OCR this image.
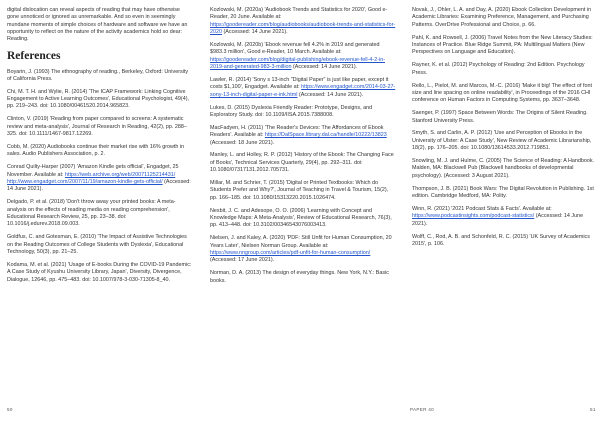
digital dislocation can reveal aspects of reading that may have otherwise gone unnoticed or ignored as unremarkable. And so even in seemingly mundane moments of simple choices of hardware and software we have an opportunity to reflect on the nature of the activity academics hold so dear: Reading.

References

Boyarin, J. (1993) The ethnography of reading., Berkeley, Oxford: University of California Press.

Chi, M. T. H. and Wylie, R. (2014) 'The ICAP Framework: Linking Cognitive Engagement to Active Learning Outcomes', Educational Psychologist, 49(4), pp. 219–243. doi: 10.1080/00461520.2014.965823.

Clinton, V. (2019) 'Reading from paper compared to screens: A systematic review and meta-analysis', Journal of Research in Reading, 42(2), pp. 288–325. doi: 10.1111/1467-9817.12269.

Cobb, M. (2020) Audiobooks continue their market rise with 16% growth in sales. Audio Publishers Association, p. 2.

Conrad Quilty-Harper (2007) 'Amazon Kindle gets official', Engadget, 25 November. Available at: https://web.archive.org/web/20071125214431/ http://www.engadget.com/2007/11/19/amazon-kindle-gets-official/ (Accessed: 14 June 2021).

Delgado, P. et al. (2018) 'Don't throw away your printed books: A meta-analysis on the effects of reading media on reading comprehension', Educational Research Review, 25, pp. 23–38. doi: 10.1016/j.edurev.2018.09.003.

Goldfus, C. and Gotesman, E. (2010) 'The Impact of Assistive Technologies on the Reading Outcomes of College Students with Dyslexia', Educational Technology, 50(3), pp. 21–25.

Kodama, M. et al. (2021) 'Usage of E-books During the COVID-19 Pandemic: A Case Study of Kyushu University Library, Japan', Diversity, Divergence, Dialogue, 12646, pp. 475–483. doi: 10.1007/978-3-030-71305-8_40.

Kozlowski, M. (2020a) 'Audiobook Trends and Statistics for 2020', Good e-Reader, 20 June. Available at: https://goodereader.com/blog/audiobooks/audiobook-trends-and-statistics-for-2020 (Accessed: 14 June 2021).

Kozlowski, M. (2020b) 'Ebook revenue fell 4.2% in 2019 and generated $983.3 million', Good e-Reader, 10 March. Available at: https://goodereader.com/blog/digital-publishing/ebook-revenue-fell-4-2-in-2019-and-generated-983-3-million (Accessed: 14 June 2021).

Lawler, R. (2014) 'Sony s 13-inch "Digital Paper" is just like paper, except it costs $1,100', Engadget. Available at: https://www.engadget.com/2014-03-27-sony-13-inch-digital-paper-e-ink.html (Accessed: 14 June 2021).

Lukes, D. (2015) Dyslexia Friendly Reader: Prototype, Designs, and Exploratory Study. doi: 10.1109/IISA.2015.7388008.

MacFadyen, H. (2011) 'The Reader's Devices: The Affordances of Ebook Readers'. Available at: https://DalSpace.library.dal.ca/handle/10222/13823 (Accessed: 18 June 2021).

Manley, L. and Holley, R. P. (2012) 'History of the Ebook: The Changing Face of Books', Technical Services Quarterly, 29(4), pp. 292–311. doi: 10.1080/07317131.2012.705731.

Millar, M. and Schrier, T. (2015) 'Digital or Printed Textbooks: Which do Students Prefer and Why?', Journal of Teaching in Travel & Tourism, 15(2), pp. 166–185. doi: 10.1080/15313220.2015.1026474.

Nesbit, J. C. and Adesope, O. O. (2006) 'Learning with Concept and Knowledge Maps: A Meta-Analysis', Review of Educational Research, 76(3), pp. 413–448. doi: 10.3102/00346543076003413.

Nielsen, J. and Kaley, A. (2020) 'PDF: Still Unfit for Human Consumption, 20 Years Later', Nielsen Norman Group. Available at: https://www.nngroup.com/articles/pdf-unfit-for-human-consumption/ (Accessed: 17 June 2021).

Norman, D. A. (2013) The design of everyday things. New York, N.Y.: Basic books.

Novak, J., Ohler, L. A. and Day, A. (2020) Ebook Collection Development in Academic Libraries: Examining Preference, Management, and Purchasing Patterns. OverDrive Professional and Choice, p. 66.

Pahl, K. and Rowsell, J. (2006) Travel Notes from the New Literacy Studies: Instances of Practice. Blue Ridge Summit, PA: Multilingual Matters (New Perspectives on Language and Education).

Rayner, K. et al. (2012) Psychology of Reading: 2nd Edition. Psychology Press.

Rello, L., Pielot, M. and Marcos, M.-C. (2016) 'Make it big! The effect of font size and line spacing on online readability', in Proceedings of the 2016 CHI conference on Human Factors in Computing Systems, pp. 3637–3648.

Saenger, P. (1997) Space Between Words: The Origins of Silent Reading. Stanford University Press.

Smyth, S. and Carlin, A. P. (2012) 'Use and Perception of Ebooks in the University of Ulster: A Case Study', New Review of Academic Librarianship, 18(2), pp. 176–205. doi: 10.1080/13614533.2012.719851.

Snowling, M. J. and Hulme, C. (2005) The Science of Reading: A Handbook. Malden, MA: Blackwell Pub (Blackwell handbooks of developmental psychology). (Accessed: 3 August 2021).

Thompson, J. B. (2021) Book Wars: The Digital Revolution in Publishing. 1st edition. Cambridge Medford, MA: Polity.

Winn, R. (2021) '2021 Podcast Stats & Facts'. Available at: https://www.podcastinsights.com/podcast-statistics/ (Accessed: 14 June 2021).

Wolff, C., Rod, A. B. and Schonfeld, R. C. (2015) 'UK Survey of Academics 2015', p. 106.

50	PAPER 40	51
